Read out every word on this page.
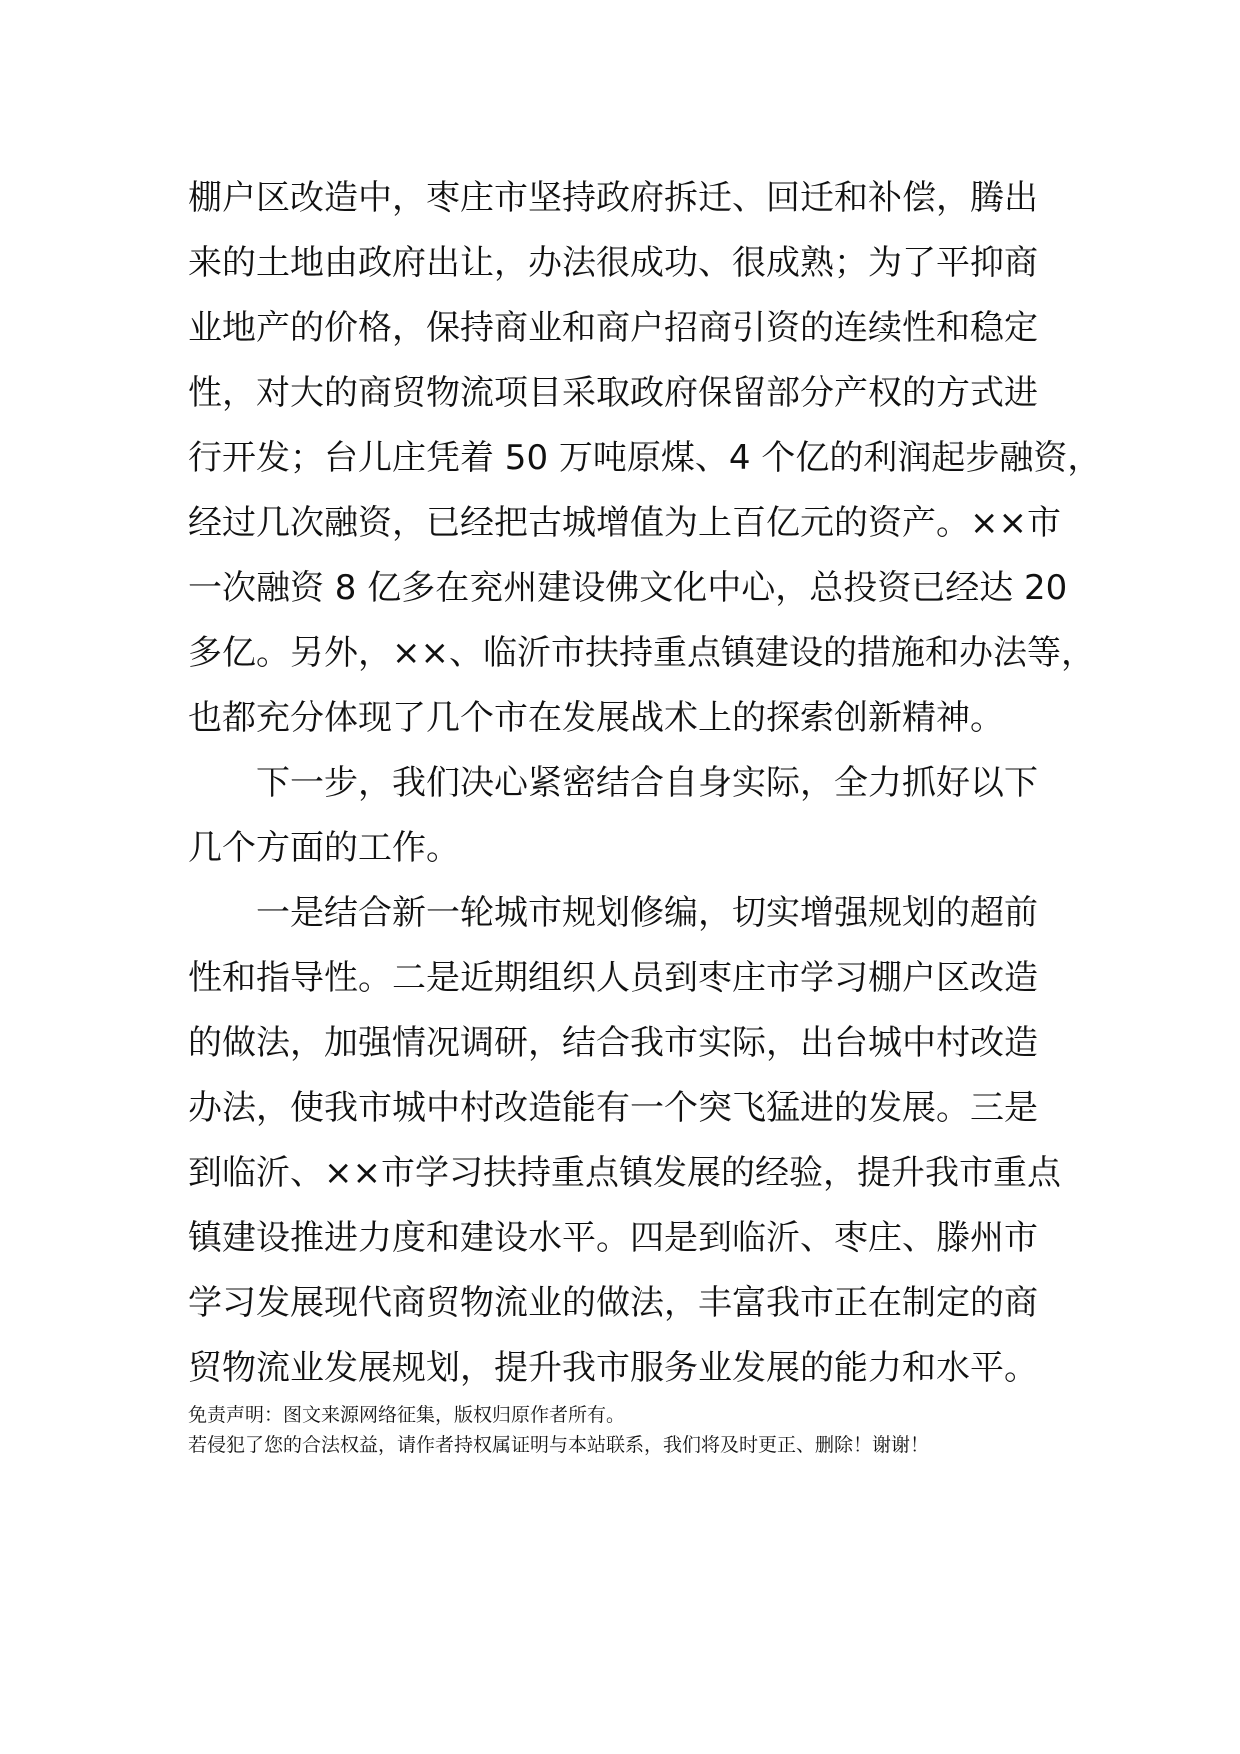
棚户区改造中，枣庄市坚持政府拆迁、回迁和补偿，腾出
来的土地由政府出让，办法很成功、很成熟；为了平抑商
业地产的价格，保持商业和商户招商引资的连续性和稳定
性，对大的商贸物流项目采取政府保留部分产权的方式进
行开发；台儿庄凭着 50 万吨原煤、4 个亿的利润起步融资，
经过几次融资，已经把古城增值为上百亿元的资产。××市
一次融资 8 亿多在兖州建设佛文化中心，总投资已经达 20
多亿。另外，××、临沂市扶持重点镇建设的措施和办法等，
也都充分体现了几个市在发展战术上的探索创新精神。
下一步，我们决心紧密结合自身实际，全力抓好以下
几个方面的工作。
一是结合新一轮城市规划修编，切实增强规划的超前
性和指导性。二是近期组织人员到枣庄市学习棚户区改造
的做法，加强情况调研，结合我市实际，出台城中村改造
办法，使我市城中村改造能有一个突飞猛进的发展。三是
到临沂、××市学习扶持重点镇发展的经验，提升我市重点
镇建设推进力度和建设水平。四是到临沂、枣庄、滕州市
学习发展现代商贸物流业的做法，丰富我市正在制定的商
贸物流业发展规划，提升我市服务业发展的能力和水平。
免责声明：图文来源网络征集，版权归原作者所有。
若侵犯了您的合法权益，请作者持权属证明与本站联系，我们将及时更正、删除！谢谢！
